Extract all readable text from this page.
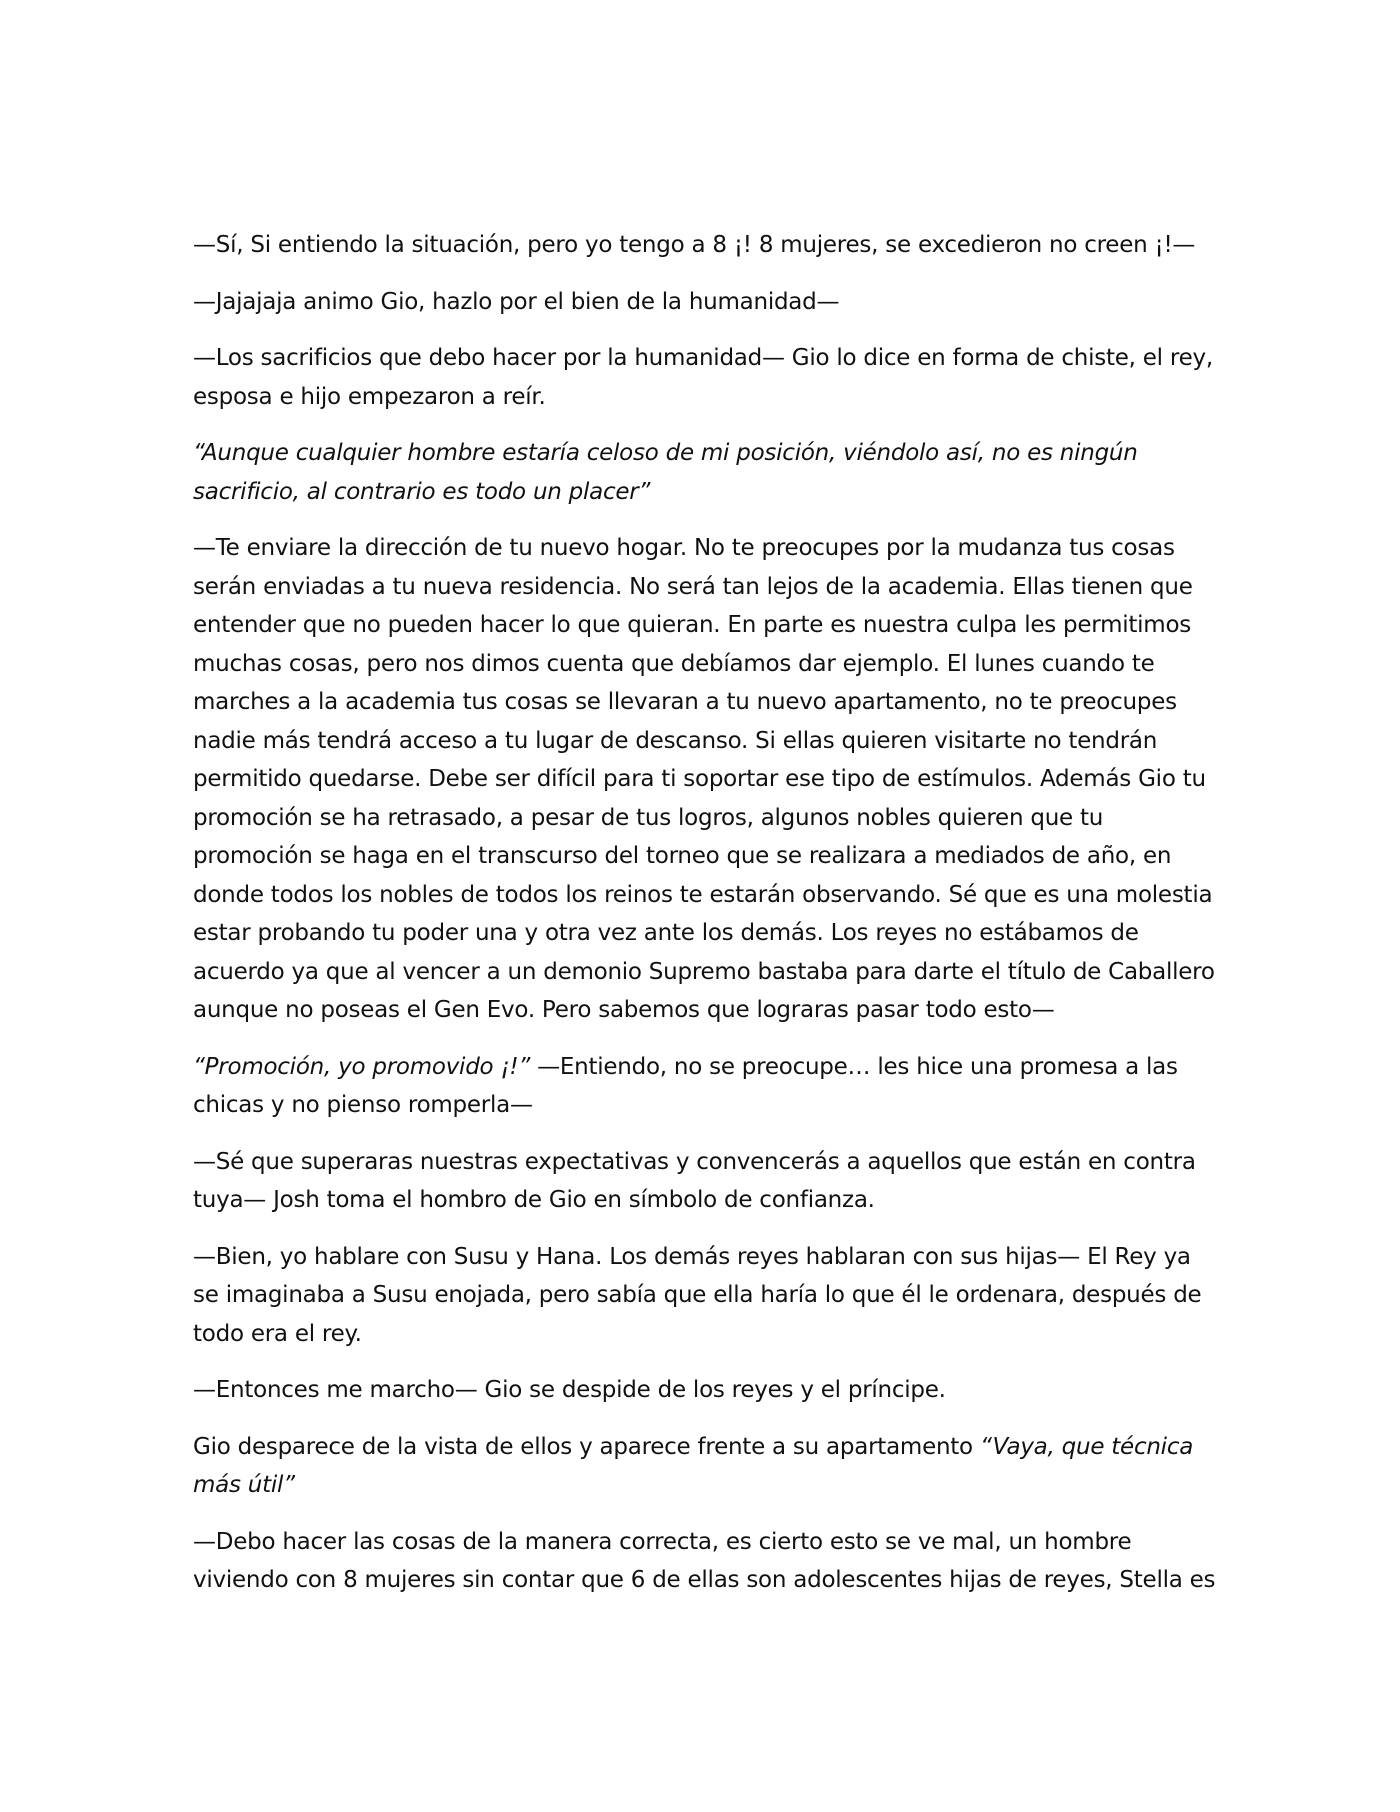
—Sí, Si entiendo la situación, pero yo tengo a 8 ¡! 8 mujeres, se excedieron no creen ¡!—

—Jajajaja animo Gio, hazlo por el bien de la humanidad—

—Los sacrificios que debo hacer por la humanidad— Gio lo dice en forma de chiste, el rey, esposa e hijo empezaron a reír.

“Aunque cualquier hombre estaría celoso de mi posición, viéndolo así, no es ningún sacrificio, al contrario es todo un placer”

—Te enviare la dirección de tu nuevo hogar. No te preocupes por la mudanza tus cosas serán enviadas a tu nueva residencia. No será tan lejos de la academia. Ellas tienen que entender que no pueden hacer lo que quieran. En parte es nuestra culpa les permitimos muchas cosas, pero nos dimos cuenta que debíamos dar ejemplo. El lunes cuando te marches a la academia tus cosas se llevaran a tu nuevo apartamento, no te preocupes nadie más tendrá acceso a tu lugar de descanso. Si ellas quieren visitarte no tendrán permitido quedarse. Debe ser difícil para ti soportar ese tipo de estímulos. Además Gio tu promoción se ha retrasado, a pesar de tus logros, algunos nobles quieren que tu promoción se haga en el transcurso del torneo que se realizara a mediados de año, en donde todos los nobles de todos los reinos te estarán observando. Sé que es una molestia estar probando tu poder una y otra vez ante los demás. Los reyes no estábamos de acuerdo ya que al vencer a un demonio Supremo bastaba para darte el título de Caballero aunque no poseas el Gen Evo. Pero sabemos que lograras pasar todo esto—

“Promoción, yo promovido ¡!” —Entiendo, no se preocupe… les hice una promesa a las chicas y no pienso romperla—

—Sé que superaras nuestras expectativas y convencerás a aquellos que están en contra tuya— Josh toma el hombro de Gio en símbolo de confianza.

—Bien, yo hablare con Susu y Hana. Los demás reyes hablaran con sus hijas— El Rey ya se imaginaba a Susu enojada, pero sabía que ella haría lo que él le ordenara, después de todo era el rey.

—Entonces me marcho— Gio se despide de los reyes y el príncipe.

Gio desparece de la vista de ellos y aparece frente a su apartamento “Vaya, que técnica más útil”

—Debo hacer las cosas de la manera correcta, es cierto esto se ve mal, un hombre viviendo con 8 mujeres sin contar que 6 de ellas son adolescentes hijas de reyes, Stella es
